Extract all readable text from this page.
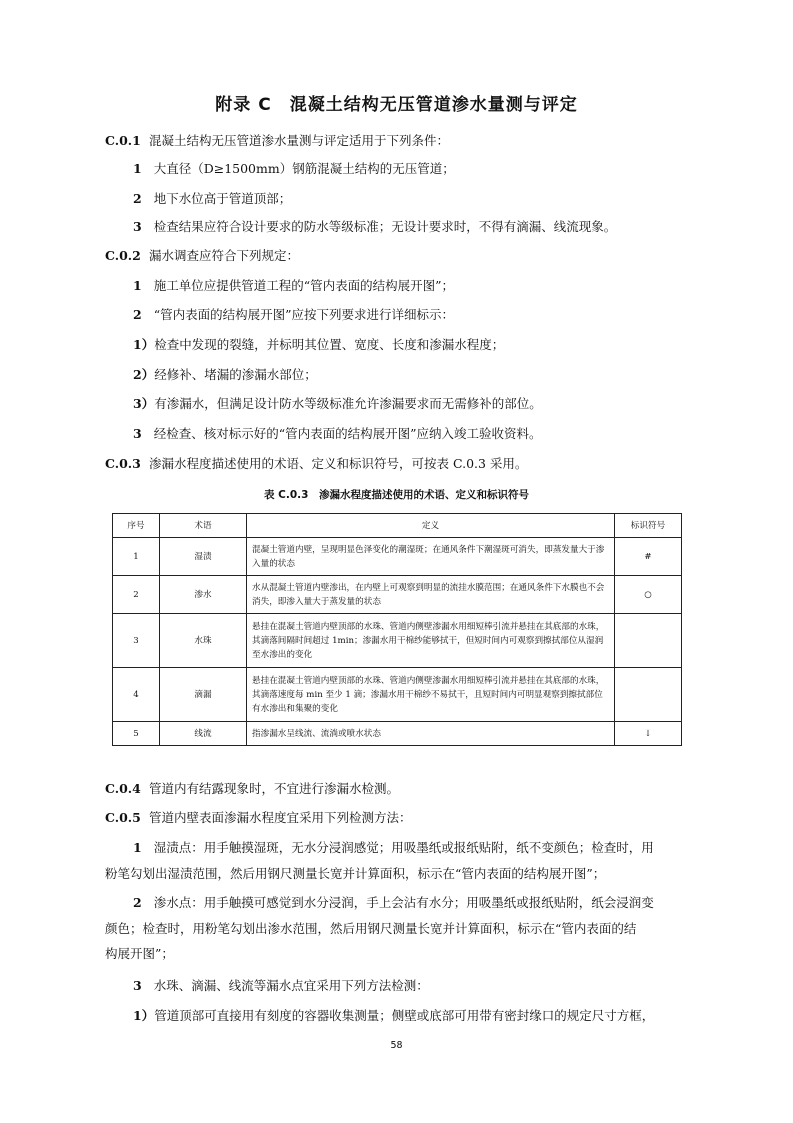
附录 C　混凝土结构无压管道渗水量测与评定
C.0.1 混凝土结构无压管道渗水量测与评定适用于下列条件：
1 大直径（D≥1500mm）钢筋混凝土结构的无压管道；
2 地下水位高于管道顶部；
3 检查结果应符合设计要求的防水等级标准；无设计要求时，不得有滴漏、线流现象。
C.0.2 漏水调查应符合下列规定：
1 施工单位应提供管道工程的“管内表面的结构展开图”；
2 “管内表面的结构展开图”应按下列要求进行详细标示：
1）检查中发现的裂缝，并标明其位置、宽度、长度和渗漏水程度；
2）经修补、堵漏的渗漏水部位；
3）有渗漏水，但满足设计防水等级标准允许渗漏要求而无需修补的部位。
3 经检查、核对标示好的“管内表面的结构展开图”应纳入竣工验收资料。
C.0.3 渗漏水程度描述使用的术语、定义和标识符号，可按表 C.0.3 采用。
表 C.0.3　渗漏水程度描述使用的术语、定义和标识符号
序号	术语	定义	标识符号
1	湿渍	混凝土管道内壁，呈现明显色泽变化的潮湿斑；在通风条件下潮湿斑可消失，即蒸发量大于渗入量的状态	#
2	渗水	水从混凝土管道内壁渗出，在内壁上可观察到明显的流挂水膜范围；在通风条件下水膜也不会消失，即渗入量大于蒸发量的状态	○
3	水珠	悬挂在混凝土管道内壁顶部的水珠、管道内侧壁渗漏水用细短棒引流并悬挂在其底部的水珠，其滴落间隔时间超过 1min；渗漏水用干棉纱能够拭干，但短时间内可观察到擦拭部位从湿润至水渗出的变化	
4	滴漏	悬挂在混凝土管道内壁顶部的水珠、管道内侧壁渗漏水用细短棒引流并悬挂在其底部的水珠，其滴落速度每 min 至少 1 滴；渗漏水用干棉纱不易拭干，且短时间内可明显观察到擦拭部位有水渗出和集聚的变化	
5	线流	指渗漏水呈线流、流淌或喷水状态	↓
C.0.4 管道内有结露现象时，不宜进行渗漏水检测。
C.0.5 管道内壁表面渗漏水程度宜采用下列检测方法：
1 湿渍点：用手触摸湿斑，无水分浸润感觉；用吸墨纸或报纸贴附，纸不变颜色；检查时，用
粉笔勾划出湿渍范围，然后用钢尺测量长宽并计算面积，标示在“管内表面的结构展开图”；
2 渗水点：用手触摸可感觉到水分浸润，手上会沾有水分；用吸墨纸或报纸贴附，纸会浸润变
颜色；检查时，用粉笔勾划出渗水范围，然后用钢尺测量长宽并计算面积，标示在“管内表面的结
构展开图”；
3 水珠、滴漏、线流等漏水点宜采用下列方法检测：
1）管道顶部可直接用有刻度的容器收集测量；侧壁或底部可用带有密封缘口的规定尺寸方框，
58
